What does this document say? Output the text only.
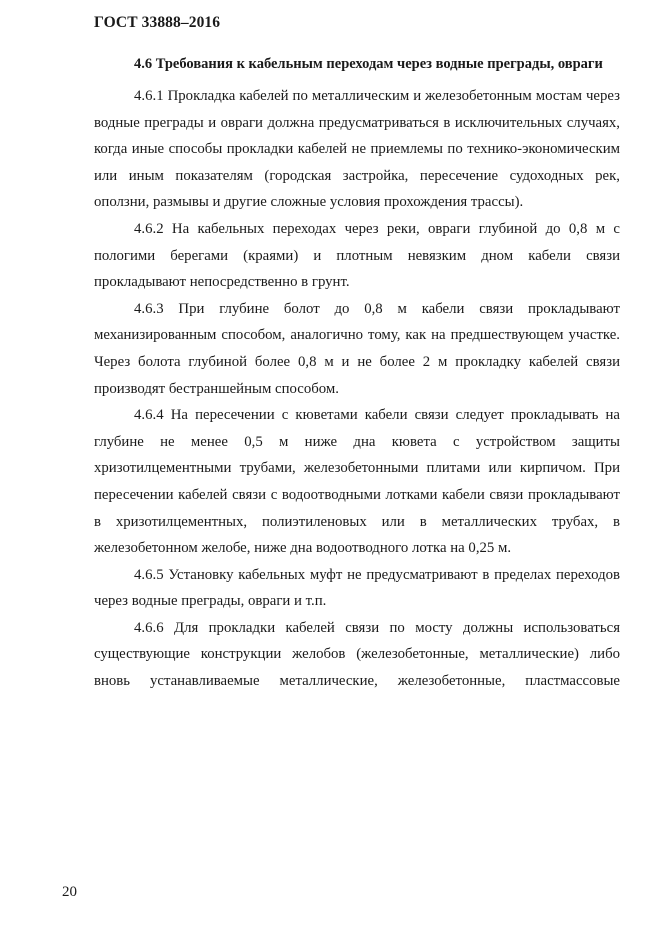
ГОСТ 33888–2016
4.6 Требования к кабельным переходам через водные преграды, овраги

4.6.1 Прокладка кабелей по металлическим и железобетонным мостам через водные преграды и овраги должна предусматриваться в исключительных случаях, когда иные способы прокладки кабелей не приемлемы по технико-экономическим или иным показателям (городская застройка, пересечение судоходных рек, оползни, размывы и другие сложные условия прохождения трассы).

4.6.2 На кабельных переходах через реки, овраги глубиной до 0,8 м с пологими берегами (краями) и плотным невязким дном кабели связи прокладывают непосредственно в грунт.

4.6.3 При глубине болот до 0,8 м кабели связи прокладывают механизированным способом, аналогично тому, как на предшествующем участке. Через болота глубиной более 0,8 м и не более 2 м прокладку кабелей связи производят бестраншейным способом.

4.6.4 На пересечении с кюветами кабели связи следует прокладывать на глубине не менее 0,5 м ниже дна кювета с устройством защиты хризотилцементными трубами, железобетонными плитами или кирпичом. При пересечении кабелей связи с водоотводными лотками кабели связи прокладывают в хризотилцементных, полиэтиленовых или в металлических трубах, в железобетонном желобе, ниже дна водоотводного лотка на 0,25 м.

4.6.5 Установку кабельных муфт не предусматривают в пределах переходов через водные преграды, овраги и т.п.

4.6.6 Для прокладки кабелей связи по мосту должны использоваться существующие конструкции желобов (железобетонные, металлические) либо вновь устанавливаемые металлические, железобетонные, пластмассовые

20
